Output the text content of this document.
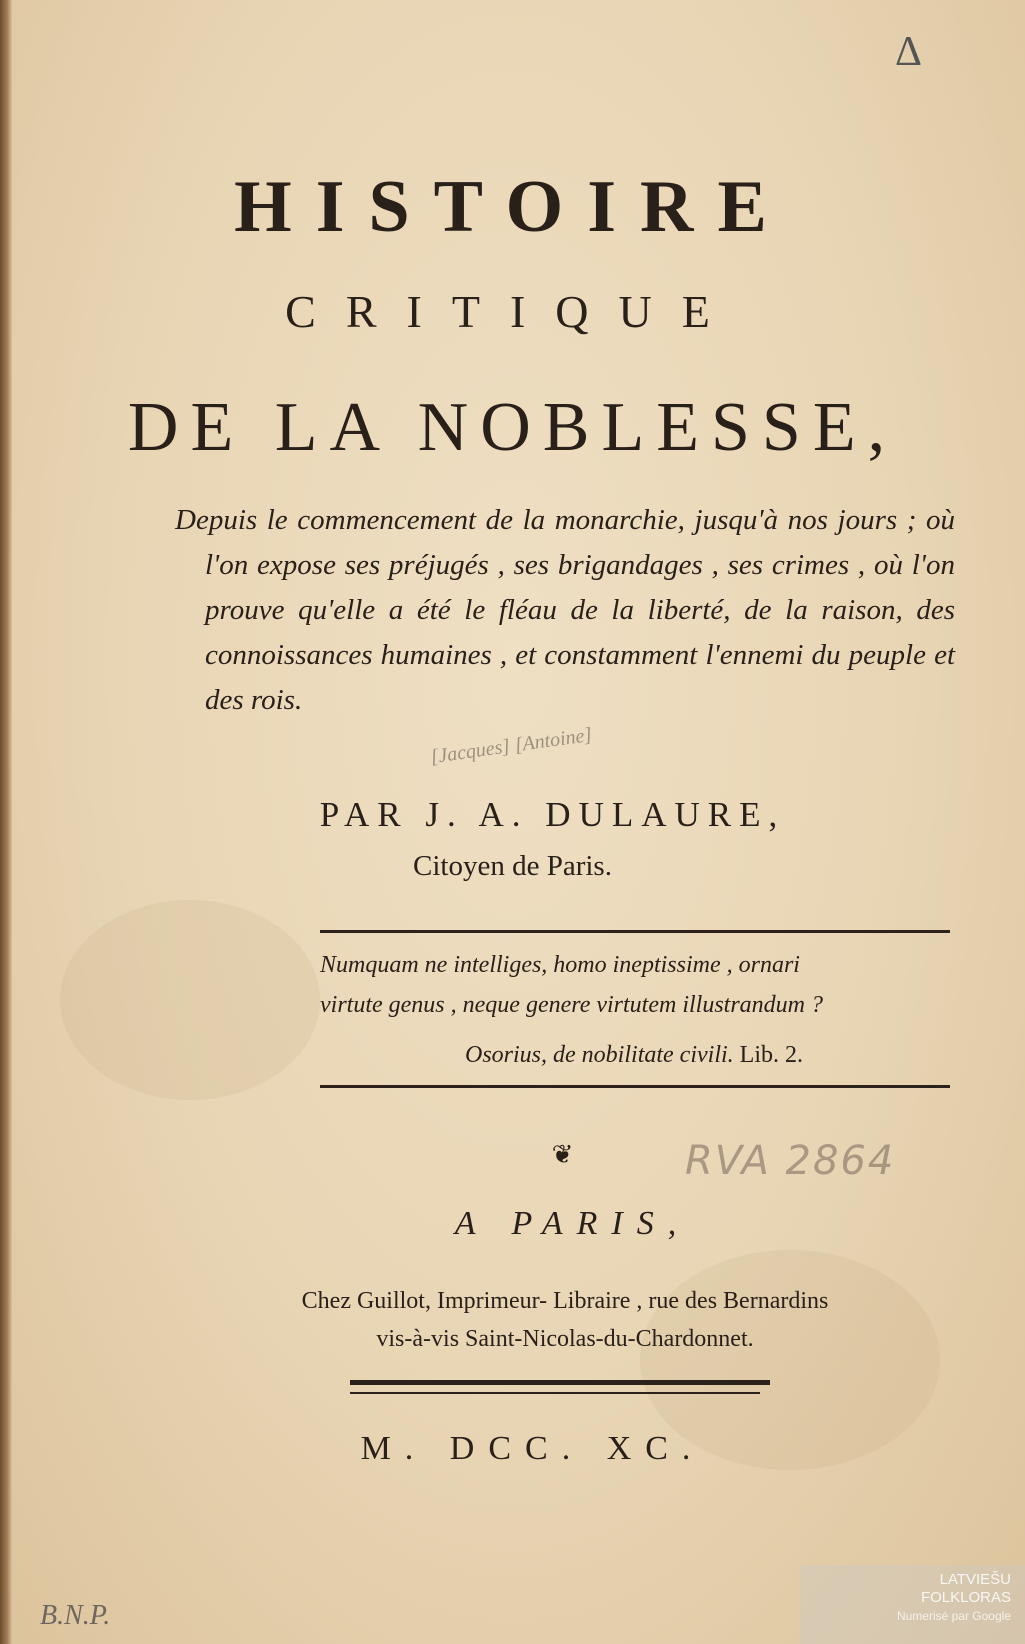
Δ
HISTOIRE
CRITIQUE
DE LA NOBLESSE,
Depuis le commencement de la monarchie, jusqu'à nos jours ; où l'on expose ses préjugés , ses brigandages , ses crimes , où l'on prouve qu'elle a été le fléau de la liberté, de la raison, des connoissances humaines , et constamment l'ennemi du peuple et des rois.
[Jacques] [Antoine]
PAR J. A. DULAURE,
Citoyen de Paris.
Numquam ne intelliges, homo ineptissime , ornari
virtute genus , neque genere virtutem illustrandum ?
Osorius, de nobilitate civili. Lib. 2.
❦	RVA 2864
A PARIS,
Chez Guillot, Imprimeur- Libraire , rue des Bernardins
vis-à-vis Saint-Nicolas-du-Chardonnet.
M. DCC. XC.
B.N.P.
LATVIEŠU
FOLKLORAS
Numerisé par Google
